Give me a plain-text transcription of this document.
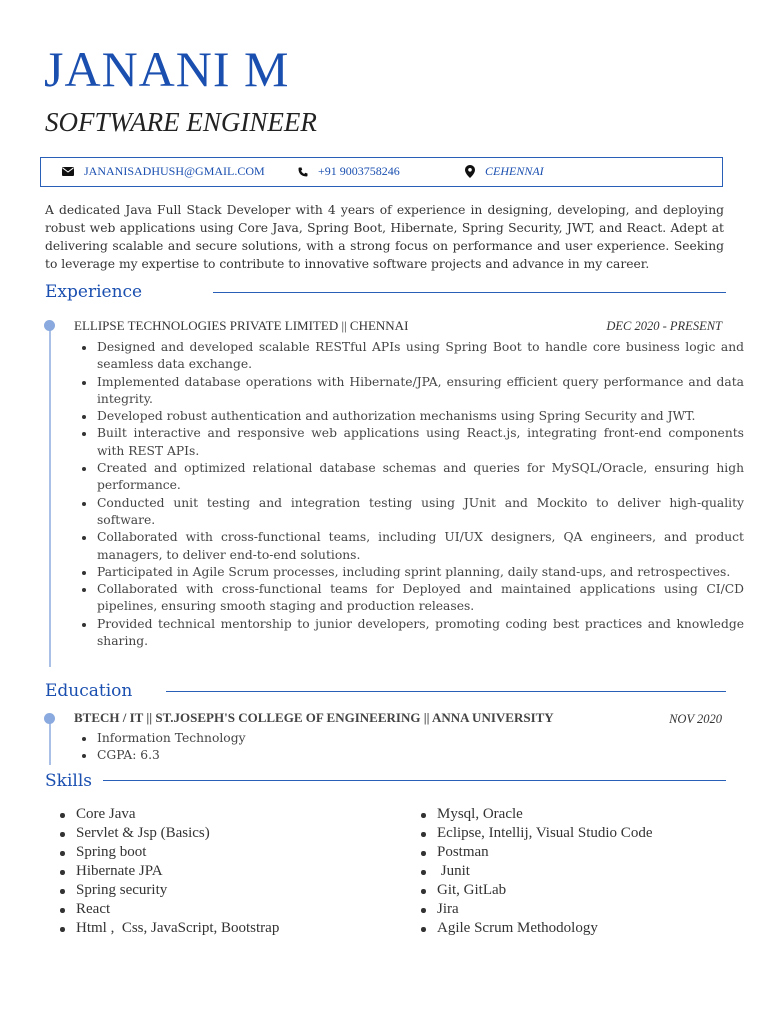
JANANI M
SOFTWARE ENGINEER
JANANISADHUSH@GMAIL.COM	+91 9003758246	CEHENNAI
A dedicated Java Full Stack Developer with 4 years of experience in designing, developing, and deploying robust web applications using Core Java, Spring Boot, Hibernate, Spring Security, JWT, and React. Adept at delivering scalable and secure solutions, with a strong focus on performance and user experience. Seeking to leverage my expertise to contribute to innovative software projects and advance in my career.
Experience
ELLIPSE TECHNOLOGIES PRIVATE LIMITED || CHENNAI	DEC 2020 - PRESENT
Designed and developed scalable RESTful APIs using Spring Boot to handle core business logic and seamless data exchange.
Implemented database operations with Hibernate/JPA, ensuring efficient query performance and data integrity.
Developed robust authentication and authorization mechanisms using Spring Security and JWT.
Built interactive and responsive web applications using React.js, integrating front-end components with REST APIs.
Created and optimized relational database schemas and queries for MySQL/Oracle, ensuring high performance.
Conducted unit testing and integration testing using JUnit and Mockito to deliver high-quality software.
Collaborated with cross-functional teams, including UI/UX designers, QA engineers, and product managers, to deliver end-to-end solutions.
Participated in Agile Scrum processes, including sprint planning, daily stand-ups, and retrospectives.
Collaborated with cross-functional teams for Deployed and maintained applications using CI/CD pipelines, ensuring smooth staging and production releases.
Provided technical mentorship to junior developers, promoting coding best practices and knowledge sharing.
Education
BTECH / IT || ST.JOSEPH'S COLLEGE OF ENGINEERING || ANNA UNIVERSITY	NOV 2020
Information Technology
CGPA: 6.3
Skills
Core Java
Servlet & Jsp (Basics)
Spring boot
Hibernate JPA
Spring security
React
Html ,  Css, JavaScript, Bootstrap
Mysql, Oracle
Eclipse, Intellij, Visual Studio Code
Postman
Junit
Git, GitLab
Jira
Agile Scrum Methodology
